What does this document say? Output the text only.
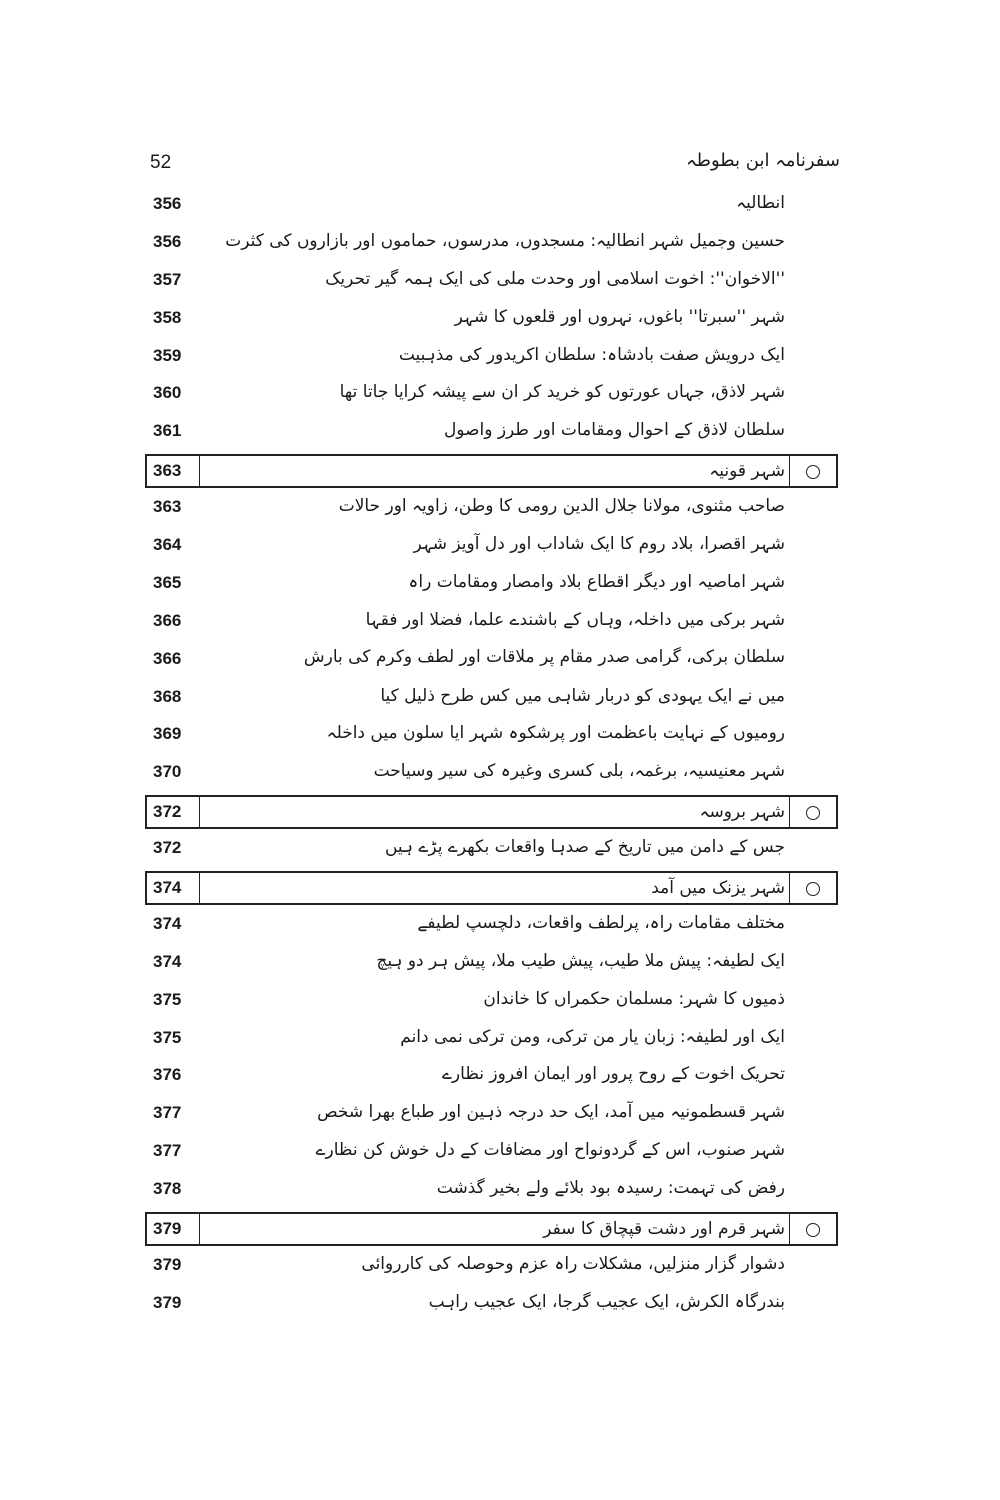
52	سفرنامہ ابن بطوطہ
356	انطالیہ
356	حسین وجمیل شہر انطالیہ: مسجدوں، مدرسوں، حماموں اور بازاروں کی کثرت
357	''الاخوان'': اخوت اسلامی اور وحدت ملی کی ایک ہمہ گیر تحریک
358	شہر ''سبرتا'' باغوں، نہروں اور قلعوں کا شہر
359	ایک درویش صفت بادشاہ: سلطان اکریدور کی مذہبیت
360	شہر لاذق، جہاں عورتوں کو خرید کر ان سے پیشہ کرایا جاتا تھا
361	سلطان لاذق کے احوال ومقامات اور طرز واصول
363	شہر قونیہ
363	صاحب مثنوی، مولانا جلال الدین رومی کا وطن، زاویہ اور حالات
364	شہر اقصرا، بلاد روم کا ایک شاداب اور دل آویز شہر
365	شہر اماصیہ اور دیگر اقطاع بلاد وامصار ومقامات راہ
366	شہر برکی میں داخلہ، وہاں کے باشندے علما، فضلا اور فقہا
366	سلطان برکی، گرامی صدر مقام پر ملاقات اور لطف وکرم کی بارش
368	میں نے ایک یہودی کو دربار شاہی میں کس طرح ذلیل کیا
369	رومیوں کے نہایت باعظمت اور پرشکوہ شہر ایا سلون میں داخلہ
370	شہر معنیسیہ، برغمہ، بلی کسری وغیرہ کی سیر وسیاحت
372	شہر بروسہ
372	جس کے دامن میں تاریخ کے صدہا واقعات بکھرے پڑے ہیں
374	شہر یزنک میں آمد
374	مختلف مقامات راہ، پرلطف واقعات، دلچسپ لطیفے
374	ایک لطیفہ: پیش ملا طیب، پیش طیب ملا، پیش ہر دو ہیچ
375	ذمیوں کا شہر: مسلمان حکمراں کا خاندان
375	ایک اور لطیفہ: زبان یار من ترکی، ومن ترکی نمی دانم
376	تحریک اخوت کے روح پرور اور ایمان افروز نظارے
377	شہر قسطمونیہ میں آمد، ایک حد درجہ ذہین اور طباع بھرا شخص
377	شہر صنوب، اس کے گردونواح اور مضافات کے دل خوش کن نظارے
378	رفض کی تہمت: رسیدہ بود بلائے ولے بخیر گذشت
379	شہر قرم اور دشت قپچاق کا سفر
379	دشوار گزار منزلیں، مشکلات راہ عزم وحوصلہ کی کارروائی
379	بندرگاہ الکرش، ایک عجیب گرجا، ایک عجیب راہب
